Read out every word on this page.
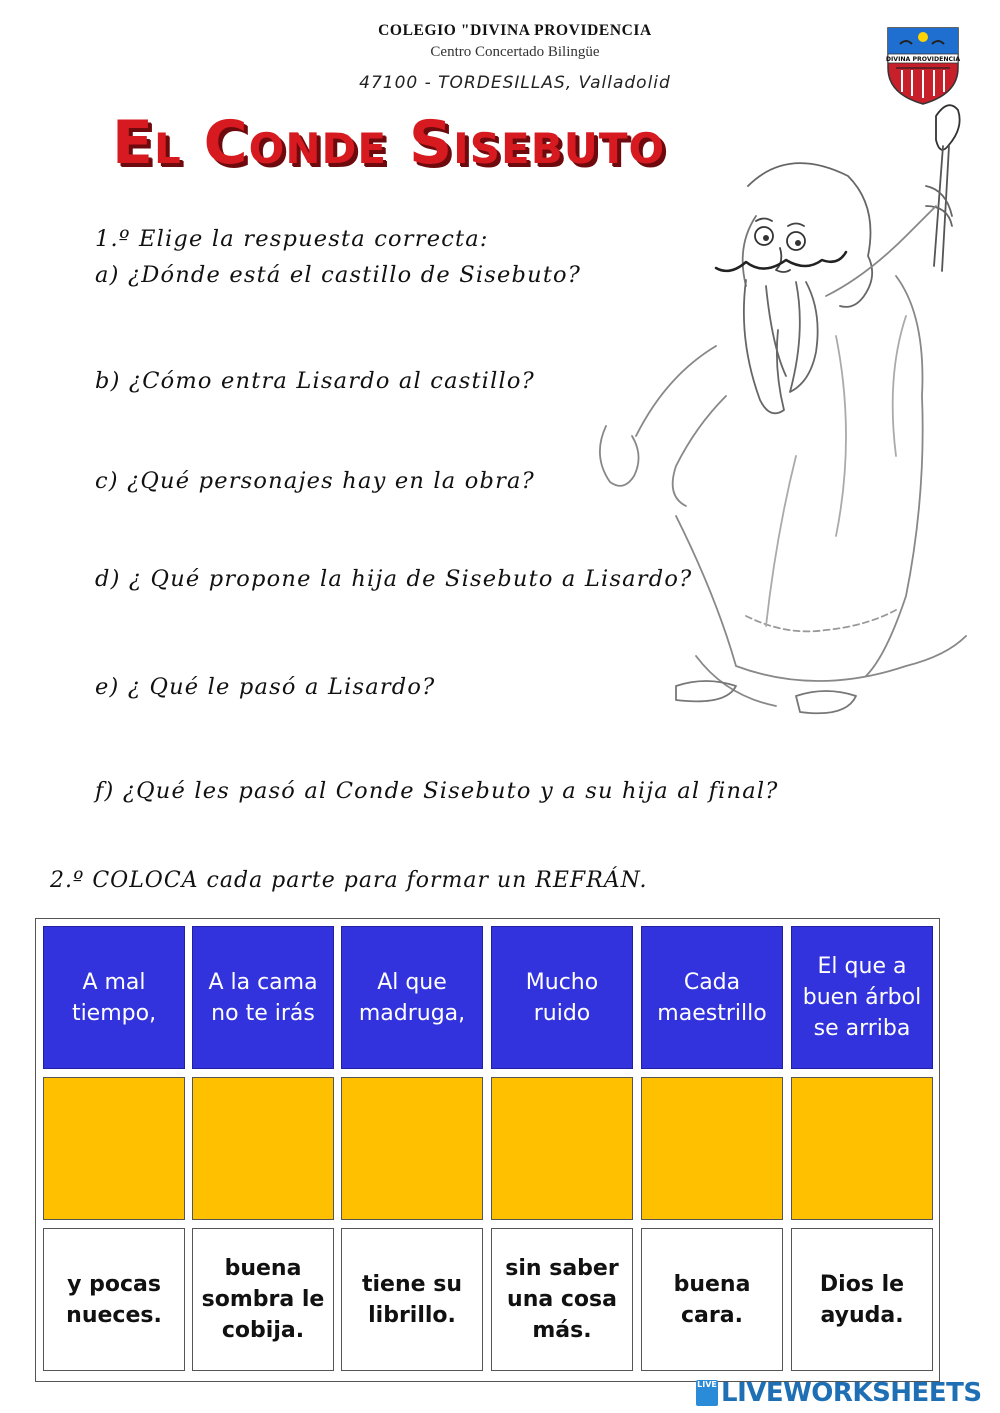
COLEGIO "DIVINA PROVIDENCIA
Centro Concertado Bilingüe
47100 - TORDESILLAS, Valladolid
DIVINA PROVIDENCIA
El Conde Sisebuto
1.º Elige la respuesta correcta:
a) ¿Dónde está el castillo de Sisebuto?
b) ¿Cómo entra Lisardo al castillo?
c) ¿Qué personajes hay en la obra?
d) ¿ Qué propone la hija de Sisebuto a Lisardo?
e) ¿ Qué le pasó a Lisardo?
f) ¿Qué les pasó al Conde Sisebuto y a su hija al final?
2.º COLOCA cada parte para formar un REFRÁN.
A mal tiempo,
A la cama no te irás
Al que madruga,
Mucho ruido
Cada maestrillo
El que a buen árbol se arriba
y pocas nueces.
buena sombra le cobija.
tiene su librillo.
sin saber una cosa más.
buena cara.
Dios le ayuda.
LIVE LIVEWORKSHEETS
